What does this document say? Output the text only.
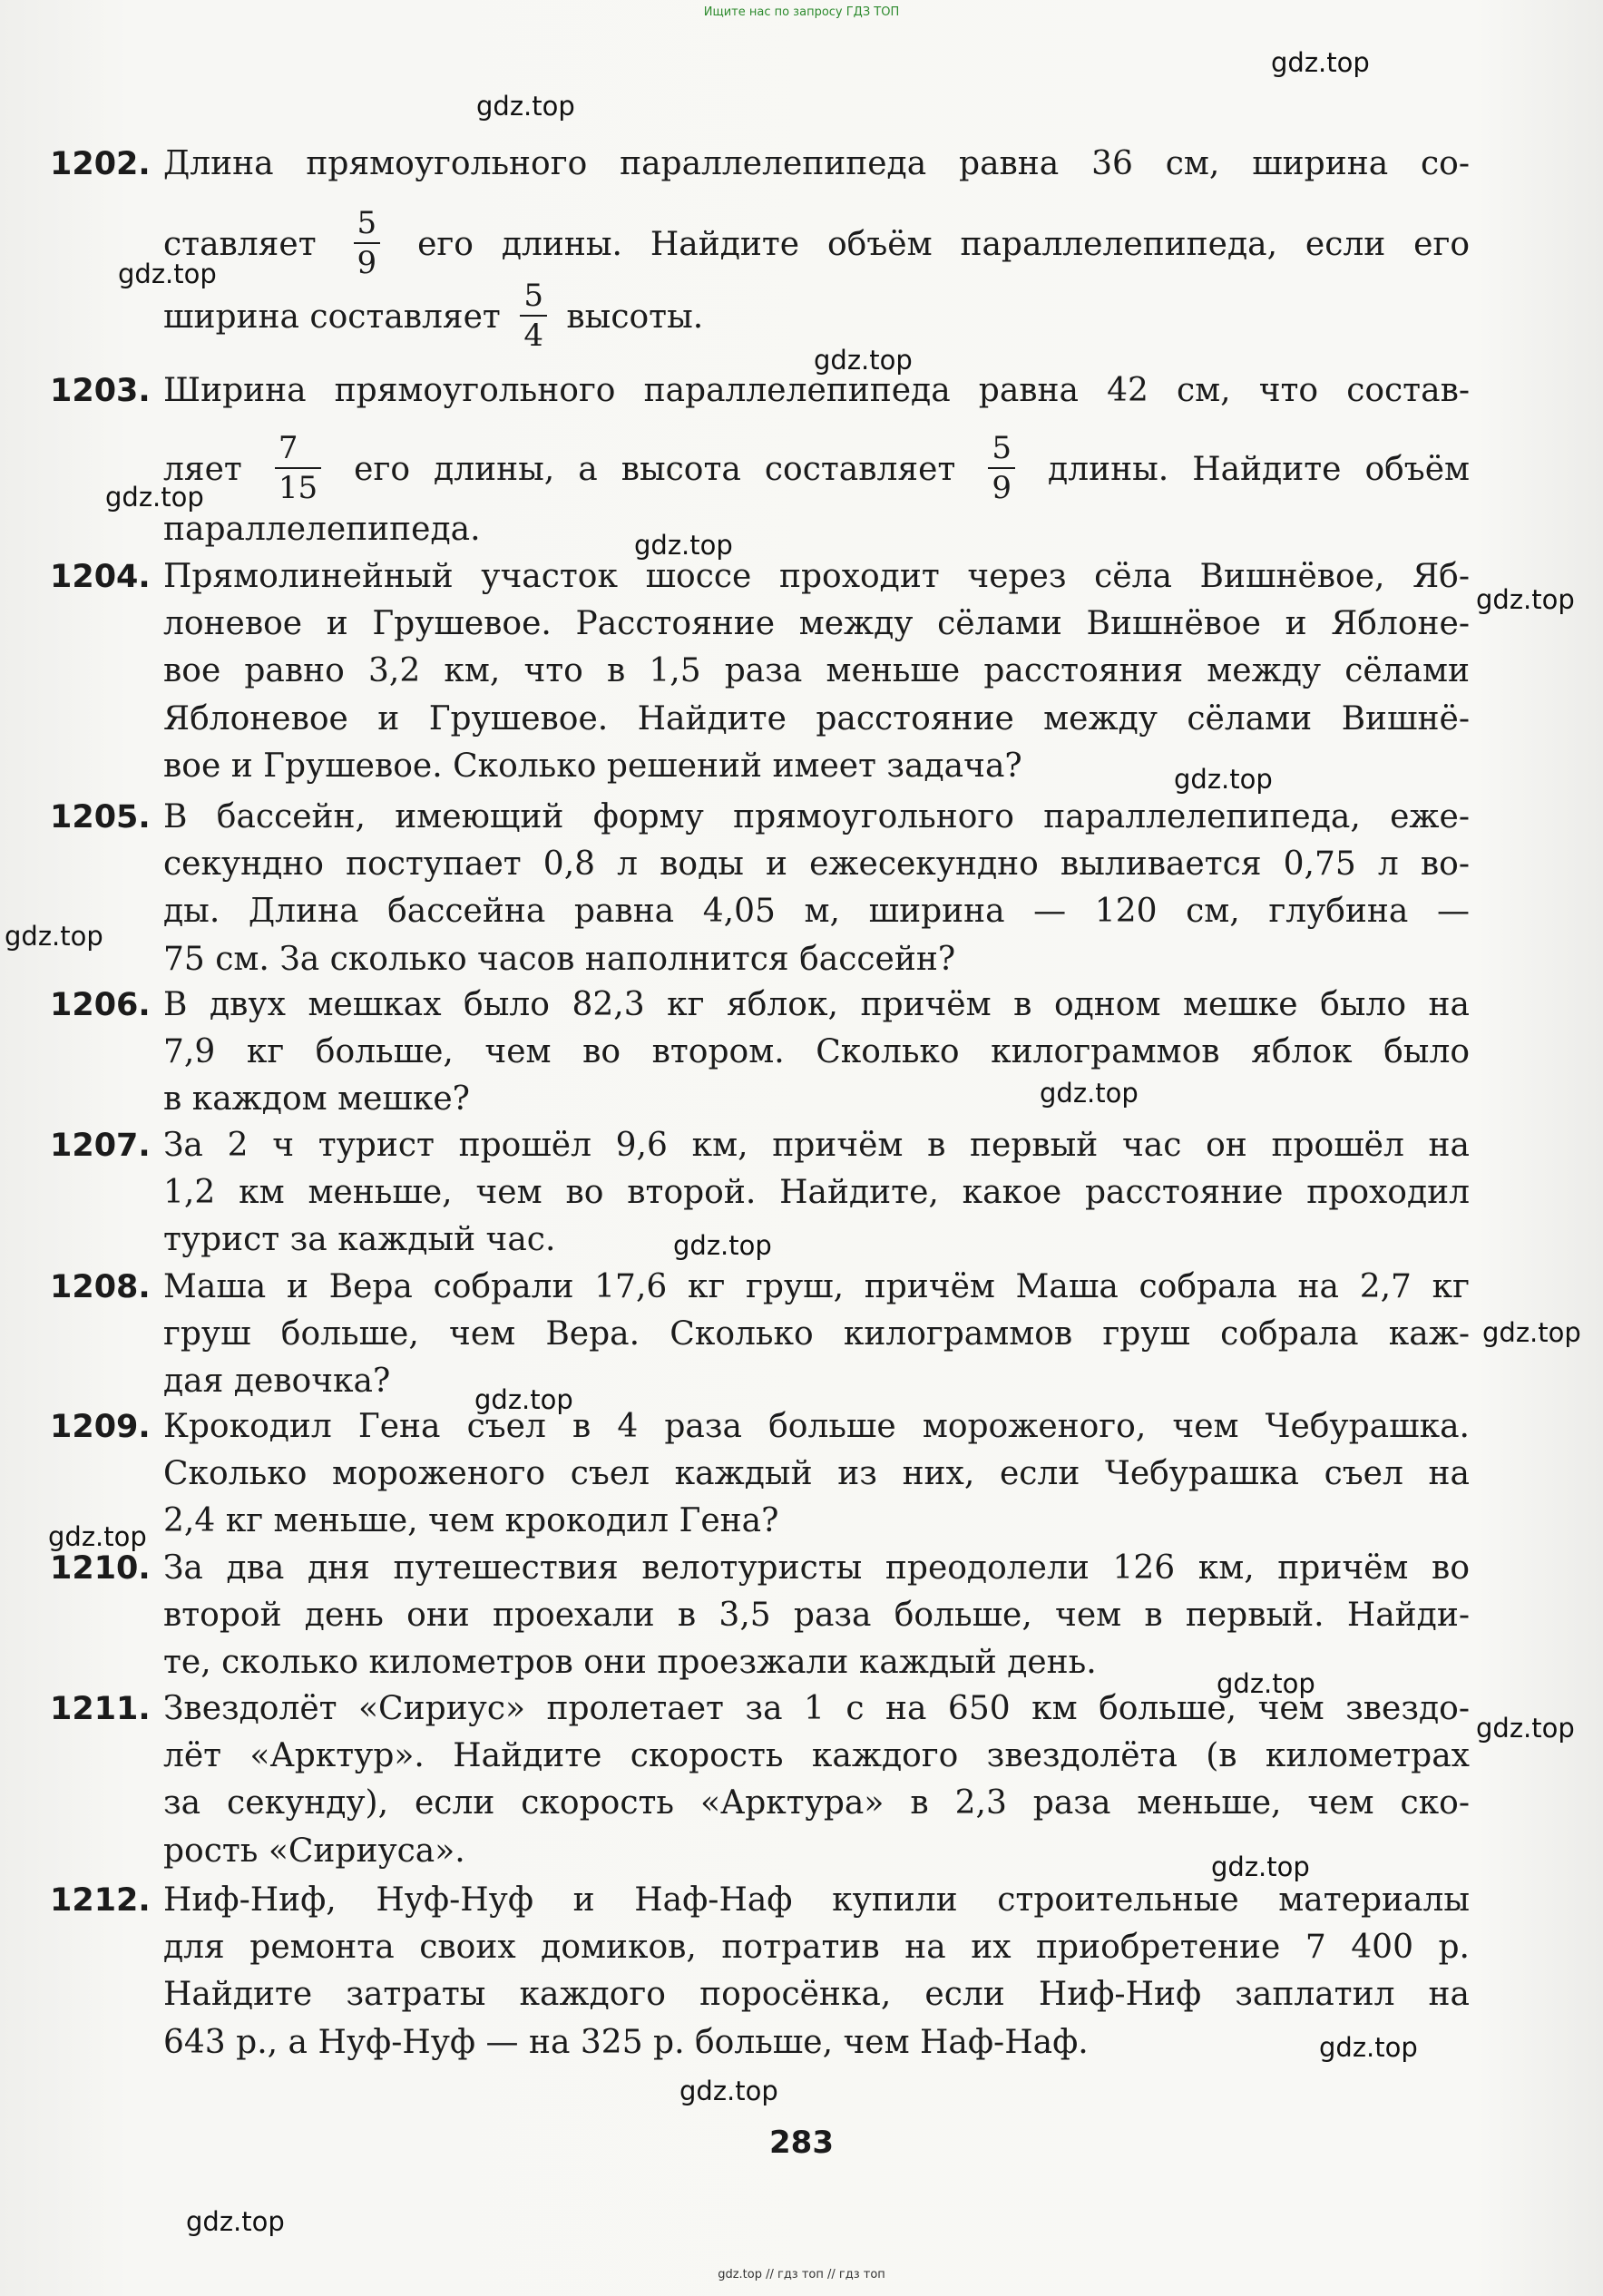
Ищите нас по запросу ГДЗ ТОП
1202. Длина прямоугольного параллелепипеда равна 36 см, ширина со-
ставляет $\frac{5}{9}$ его длины. Найдите объём параллелепипеда, если его
ширина составляет $\frac{5}{4}$ высоты.
1203. Ширина прямоугольного параллелепипеда равна 42 см, что состав-
ляет $\frac{7}{15}$ его длины, а высота составляет $\frac{5}{9}$ длины. Найдите объём
параллелепипеда.
1204. Прямолинейный участок шоссе проходит через сёла Вишнёвое, Яб-
лоневое и Грушевое. Расстояние между сёлами Вишнёвое и Яблоне-
вое равно 3,2 км, что в 1,5 раза меньше расстояния между сёлами
Яблоневое и Грушевое. Найдите расстояние между сёлами Вишнё-
вое и Грушевое. Сколько решений имеет задача?
1205. В бассейн, имеющий форму прямоугольного параллелепипеда, еже-
секундно поступает 0,8 л воды и ежесекундно выливается 0,75 л во-
ды. Длина бассейна равна 4,05 м, ширина — 120 см, глубина —
75 см. За сколько часов наполнится бассейн?
1206. В двух мешках было 82,3 кг яблок, причём в одном мешке было на
7,9 кг больше, чем во втором. Сколько килограммов яблок было
в каждом мешке?
1207. За 2 ч турист прошёл 9,6 км, причём в первый час он прошёл на
1,2 км меньше, чем во второй. Найдите, какое расстояние проходил
турист за каждый час.
1208. Маша и Вера собрали 17,6 кг груш, причём Маша собрала на 2,7 кг
груш больше, чем Вера. Сколько килограммов груш собрала каж-
дая девочка?
1209. Крокодил Гена съел в 4 раза больше мороженого, чем Чебурашка.
Сколько мороженого съел каждый из них, если Чебурашка съел на
2,4 кг меньше, чем крокодил Гена?
1210. За два дня путешествия велотуристы преодолели 126 км, причём во
второй день они проехали в 3,5 раза больше, чем в первый. Найди-
те, сколько километров они проезжали каждый день.
1211. Звездолёт «Сириус» пролетает за 1 с на 650 км больше, чем звездо-
лёт «Арктур». Найдите скорость каждого звездолёта (в километрах
за секунду), если скорость «Арктура» в 2,3 раза меньше, чем ско-
рость «Сириуса».
1212. Ниф-Ниф, Нуф-Нуф и Наф-Наф купили строительные материалы
для ремонта своих домиков, потратив на их приобретение 7 400 р.
Найдите затраты каждого поросёнка, если Ниф-Ниф заплатил на
643 р., а Нуф-Нуф — на 325 р. больше, чем Наф-Наф.
gdz.top
gdz.top
gdz.top
gdz.top
gdz.top
gdz.top
gdz.top
gdz.top
gdz.top
gdz.top
gdz.top
gdz.top
gdz.top
gdz.top
gdz.top
gdz.top
gdz.top
gdz.top
gdz.top
gdz.top
283
gdz.top // гдз топ // гдз топ
